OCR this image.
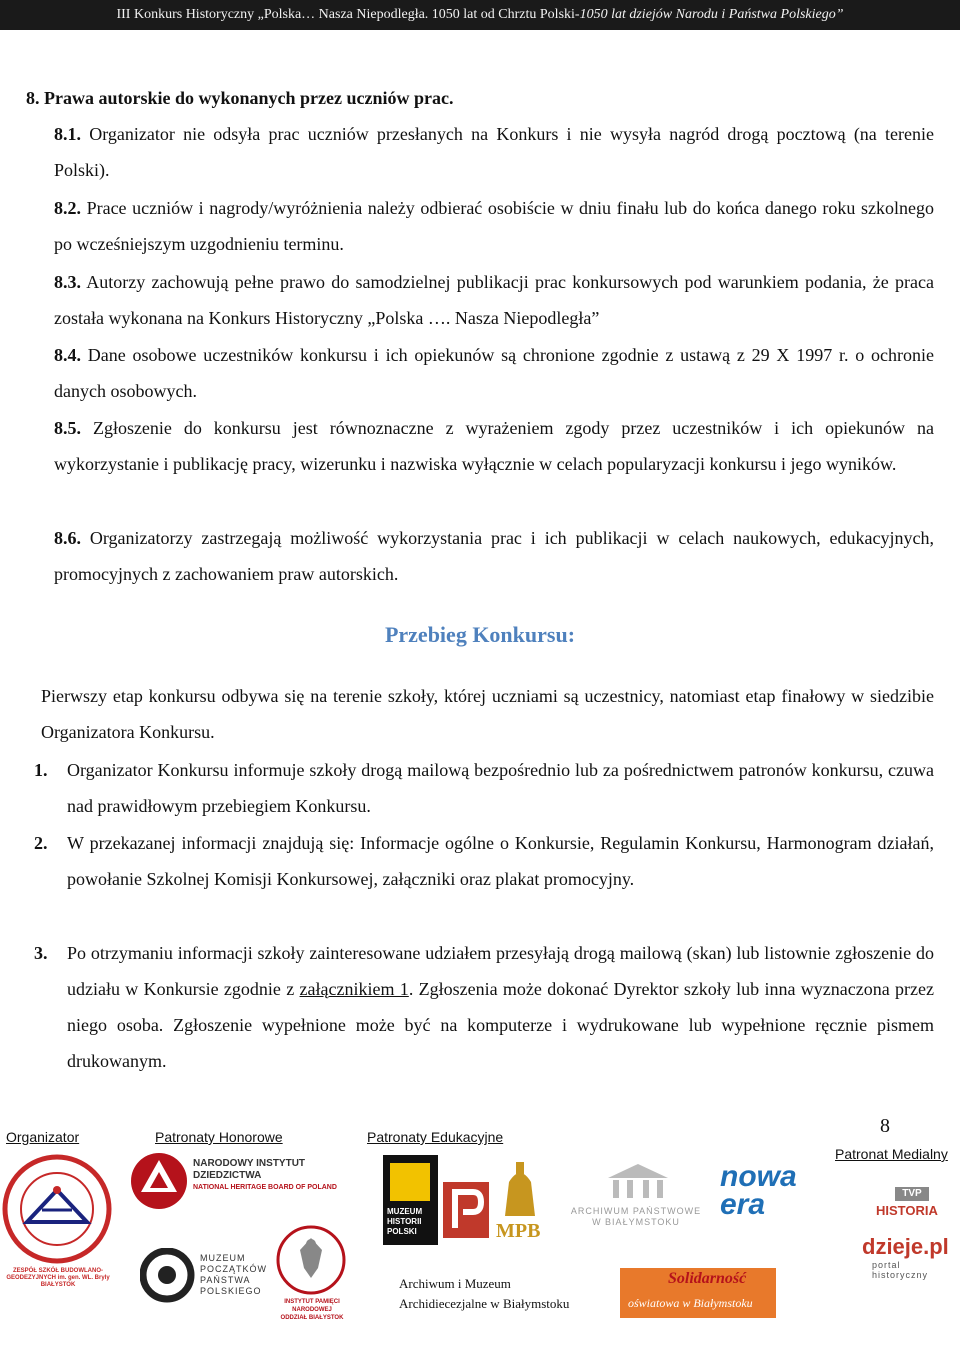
III Konkurs Historyczny „Polska… Nasza Niepodległa. 1050 lat od Chrztu Polski-1050 lat dziejów Narodu i Państwa Polskiego”
8. Prawa autorskie do wykonanych przez uczniów prac.
8.1. Organizator nie odsyła prac uczniów przesłanych na Konkurs i nie wysyła nagród drogą pocztową (na terenie Polski).
8.2. Prace uczniów i nagrody/wyróżnienia należy odbierać osobiście w dniu finału lub do końca danego roku szkolnego po wcześniejszym uzgodnieniu terminu.
8.3. Autorzy zachowują pełne prawo do samodzielnej publikacji prac konkursowych pod warunkiem podania, że praca została wykonana na Konkurs Historyczny „Polska …. Nasza Niepodległa”
8.4. Dane osobowe uczestników konkursu i ich opiekunów są chronione zgodnie z ustawą z 29 X 1997 r. o ochronie danych osobowych.
8.5. Zgłoszenie do konkursu jest równoznaczne z wyrażeniem zgody przez uczestników i ich opiekunów na wykorzystanie i publikację pracy, wizerunku i nazwiska wyłącznie w celach popularyzacji konkursu i jego wyników.
8.6. Organizatorzy zastrzegają możliwość wykorzystania prac i ich publikacji w celach naukowych, edukacyjnych, promocyjnych z zachowaniem praw autorskich.
Przebieg Konkursu:
Pierwszy etap konkursu odbywa się na terenie szkoły, której uczniami są uczestnicy, natomiast etap finałowy w siedzibie Organizatora Konkursu.
1. Organizator Konkursu informuje szkoły drogą mailową bezpośrednio lub za pośrednictwem patronów konkursu, czuwa nad prawidłowym przebiegiem Konkursu.
2. W przekazanej informacji znajdują się: Informacje ogólne o Konkursie, Regulamin Konkursu, Harmonogram działań, powołanie Szkolnej Komisji Konkursowej, załączniki oraz plakat promocyjny.
3. Po otrzymaniu informacji szkoły zainteresowane udziałem przesyłają drogą mailową (skan) lub listownie zgłoszenie do udziału w Konkursie zgodnie z załącznikiem 1. Zgłoszenia może dokonać Dyrektor szkoły lub inna wyznaczona przez niego osoba. Zgłoszenie wypełnione może być na komputerze i wydrukowane lub wypełnione ręcznie pismem drukowanym.
8
Organizator	Patronaty Honorowe	Patronaty Edukacyjne
Patronat Medialny
ZESPÓŁ SZKÓŁ BUDOWLANO-GEODEZYJNYCH im. gen. WL. Bryly BIAŁYSTOK
NARODOWY INSTYTUT
DZIEDZICTWA
NATIONAL HERITAGE BOARD OF POLAND
MUZEUM
POCZĄTKÓW
PAŃSTWA
POLSKIEGO
INSTYTUT PAMIĘCI
NARODOWEJ
ODDZIAŁ BIAŁYSTOK
MUZEUM
HISTORII
POLSKI	MPB
ARCHIWUM PAŃSTWOWE
W BIAŁYMSTOKU
nowa
era
Archiwum i Muzeum
Archidiecezjalne w Białymstoku
Solidarność
oświatowa w Białymstoku
TVP
HISTORIA
dzieje.pl
portal historyczny
